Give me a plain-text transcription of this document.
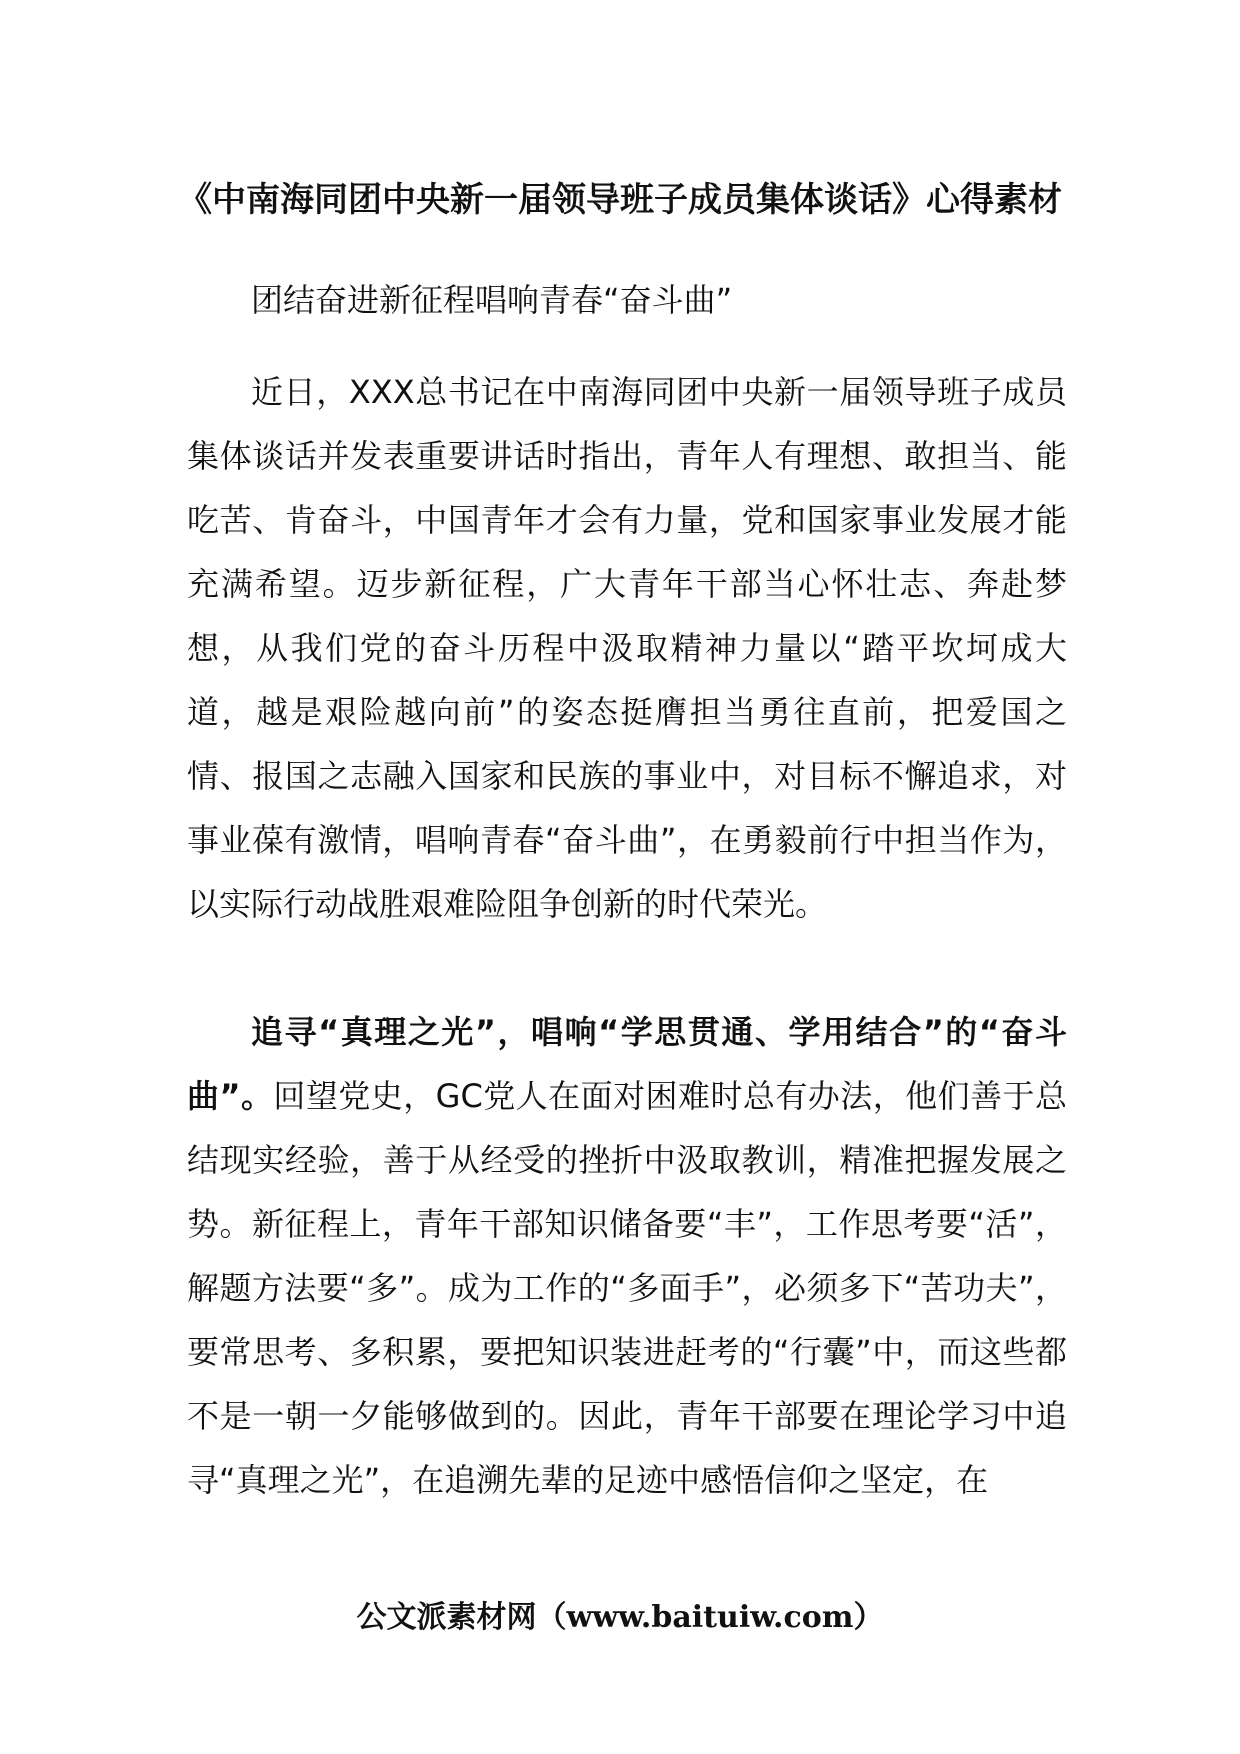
《中南海同团中央新一届领导班子成员集体谈话》心得素材

团结奋进新征程唱响青春“奋斗曲”

近日，XXX总书记在中南海同团中央新一届领导班子成员集体谈话并发表重要讲话时指出，青年人有理想、敢担当、能吃苦、肯奋斗，中国青年才会有力量，党和国家事业发展才能充满希望。迈步新征程，广大青年干部当心怀壮志、奔赴梦想，从我们党的奋斗历程中汲取精神力量以“踏平坎坷成大道，越是艰险越向前”的姿态挺膺担当勇往直前，把爱国之情、报国之志融入国家和民族的事业中，对目标不懈追求，对事业葆有激情，唱响青春“奋斗曲”，在勇毅前行中担当作为，以实际行动战胜艰难险阻争创新的时代荣光。

追寻“真理之光”，唱响“学思贯通、学用结合”的“奋斗曲”。回望党史，GC党人在面对困难时总有办法，他们善于总结现实经验，善于从经受的挫折中汲取教训，精准把握发展之势。新征程上，青年干部知识储备要“丰”，工作思考要“活”，解题方法要“多”。成为工作的“多面手”，必须多下“苦功夫”，要常思考、多积累，要把知识装进赶考的“行囊”中，而这些都不是一朝一夕能够做到的。因此，青年干部要在理论学习中追寻“真理之光”，在追溯先辈的足迹中感悟信仰之坚定，在

公文派素材网（www.baituiw.com）
